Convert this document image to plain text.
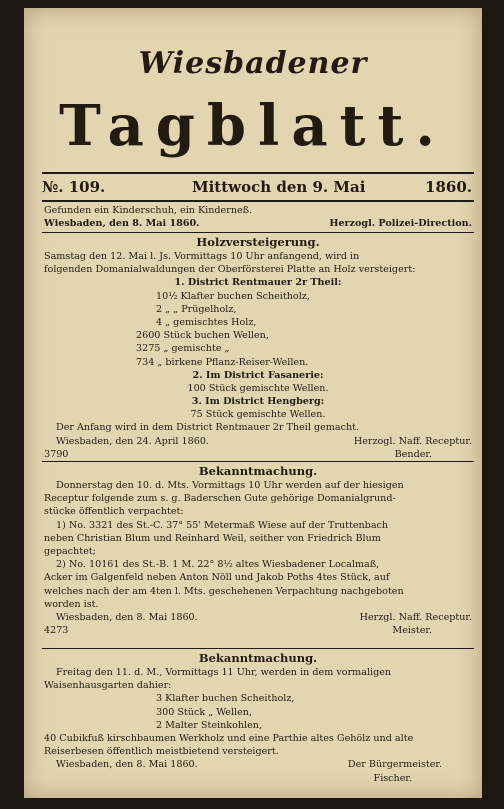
Wiesbadener
Tagblatt.
№. 109.	Mittwoch den 9. Mai	1860.
Gefunden ein Kinderschuh, ein Kinderneß.
Wiesbaden, den 8. Mai 1860.	Herzogl. Polizei-Direction.
Holzversteigerung.
Samstag den 12. Mai l. Js. Vormittags 10 Uhr anfangend, wird in
folgenden Domanialwaldungen der Oberförsterei Platte an Holz versteigert:
1. District Rentmauer 2r Theil:
10½ Klafter buchen Scheitholz,
2 „ „ Prügelholz,
4 „ gemischtes Holz,
2600 Stück buchen Wellen,
3275 „ gemischte „
734 „ birkene Pflanz-Reiser-Wellen.
2. Im District Fasanerie:
100 Stück gemischte Wellen.
3. Im District Hengberg:
75 Stück gemischte Wellen.
Der Anfang wird in dem District Rentmauer 2r Theil gemacht.
Wiesbaden, den 24. April 1860.	Herzogl. Naff. Receptur.
3790	Bender.
Bekanntmachung.
Donnerstag den 10. d. Mts. Vormittags 10 Uhr werden auf der hiesigen
Receptur folgende zum s. g. Baderschen Gute gehörige Domanialgrund-
stücke öffentlich verpachtet:
1) No. 3321 des St.-C. 37° 55' Metermaß Wiese auf der Truttenbach
neben Christian Blum und Reinhard Weil, seither von Friedrich Blum
gepachtet;
2) No. 10161 des St.-B. 1 M. 22° 8½ altes Wiesbadener Localmaß,
Acker im Galgenfeld neben Anton Nöll und Jakob Poths 4tes Stück, auf
welches nach der am 4ten l. Mts. geschehenen Verpachtung nachgeboten
worden ist.
Wiesbaden, den 8. Mai 1860.	Herzgl. Naff. Receptur.
4273	Meister.
Bekanntmachung.
Freitag den 11. d. M., Vormittags 11 Uhr, werden in dem vormaligen
Waisenhausgarten dahier:
3 Klafter buchen Scheitholz,
300 Stück „ Wellen,
2 Malter Steinkohlen,
40 Cubikfuß kirschbaumen Werkholz und eine Parthie altes Gehölz und alte
Reiserbesen öffentlich meistbietend versteigert.
Wiesbaden, den 8. Mai 1860.	Der Bürgermeister.
Fischer.
